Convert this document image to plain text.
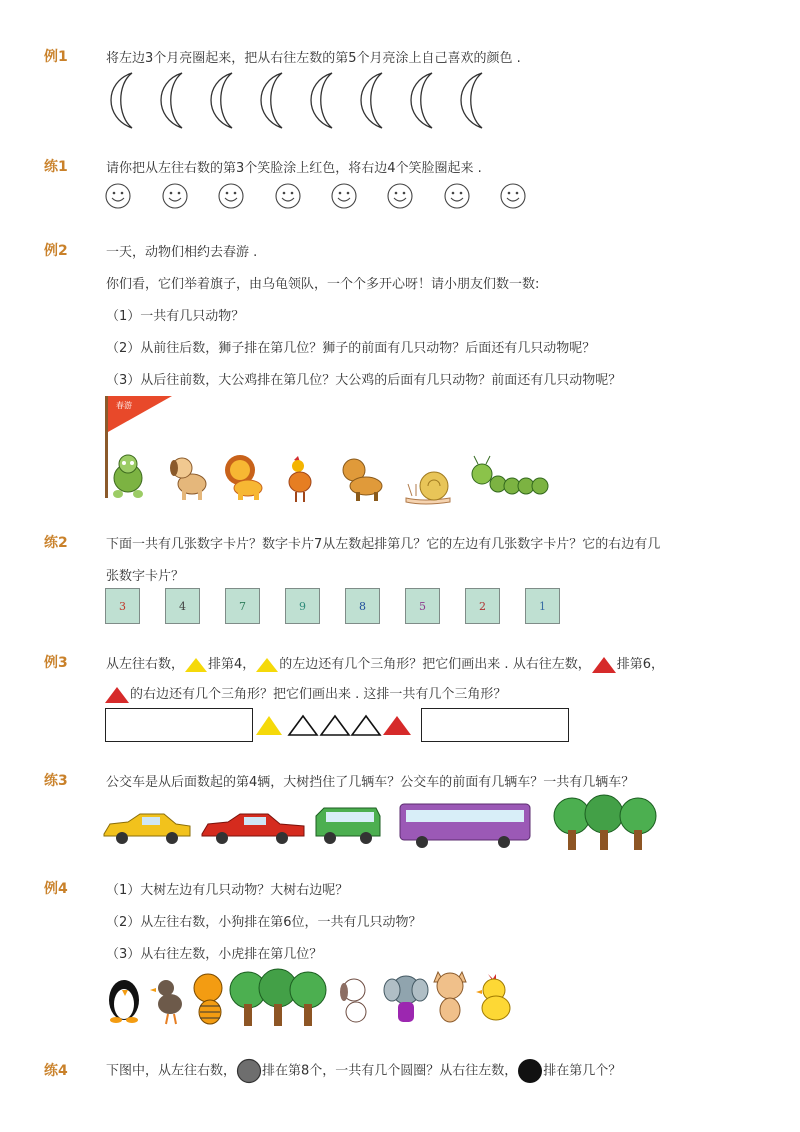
例1	将左边3个月亮圈起来，把从右往左数的第5个月亮涂上自己喜欢的颜色 .
练1	请你把从左往右数的第3个笑脸涂上红色，将右边4个笑脸圈起来 .
例2	一天，动物们相约去春游 .
你们看，它们举着旗子，由乌龟领队，一个个多开心呀！请小朋友们数一数:
（1）一共有几只动物？
（2）从前往后数，狮子排在第几位？狮子的前面有几只动物？后面还有几只动物呢？
（3）从后往前数，大公鸡排在第几位？大公鸡的后面有几只动物？前面还有几只动物呢？
春游
练2	下面一共有几张数字卡片？数字卡片7从左数起排第几？它的左边有几张数字卡片？它的右边有几
张数字卡片？
3	4	7	9	8	5	2	1
例3	从左往右数， 排第4， 的左边还有几个三角形？把它们画出来 . 从右往左数， 排第6，
的右边还有几个三角形？把它们画出来 . 这排一共有几个三角形？
练3	公交车是从后面数起的第4辆，大树挡住了几辆车？公交车的前面有几辆车？一共有几辆车？
例4	（1）大树左边有几只动物？大树右边呢？
（2）从左往右数，小狗排在第6位，一共有几只动物？
（3）从右往左数，小虎排在第几位？
练4	下图中，从左往右数， 排在第8个，一共有几个圆圈？从右往左数， 排在第几个？
